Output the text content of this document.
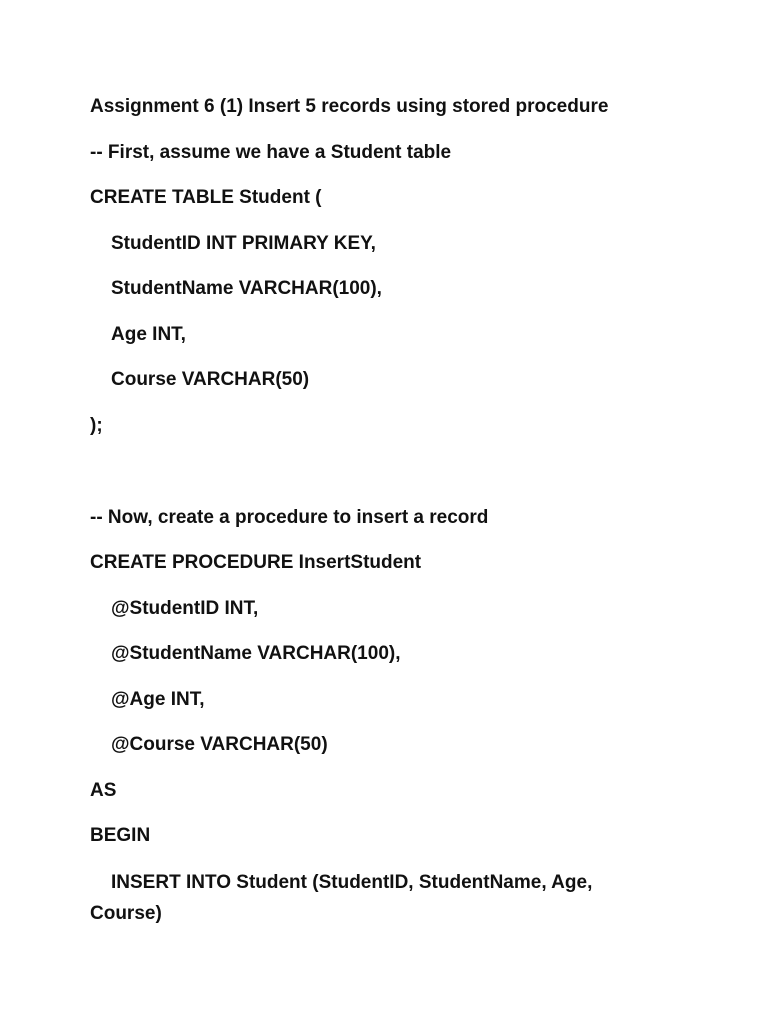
Assignment 6 (1) Insert 5 records using stored procedure
-- First, assume we have a Student table
CREATE TABLE Student (
StudentID INT PRIMARY KEY,
StudentName VARCHAR(100),
Age INT,
Course VARCHAR(50)
);
-- Now, create a procedure to insert a record
CREATE PROCEDURE InsertStudent
@StudentID INT,
@StudentName VARCHAR(100),
@Age INT,
@Course VARCHAR(50)
AS
BEGIN
INSERT INTO Student (StudentID, StudentName, Age,
Course)
